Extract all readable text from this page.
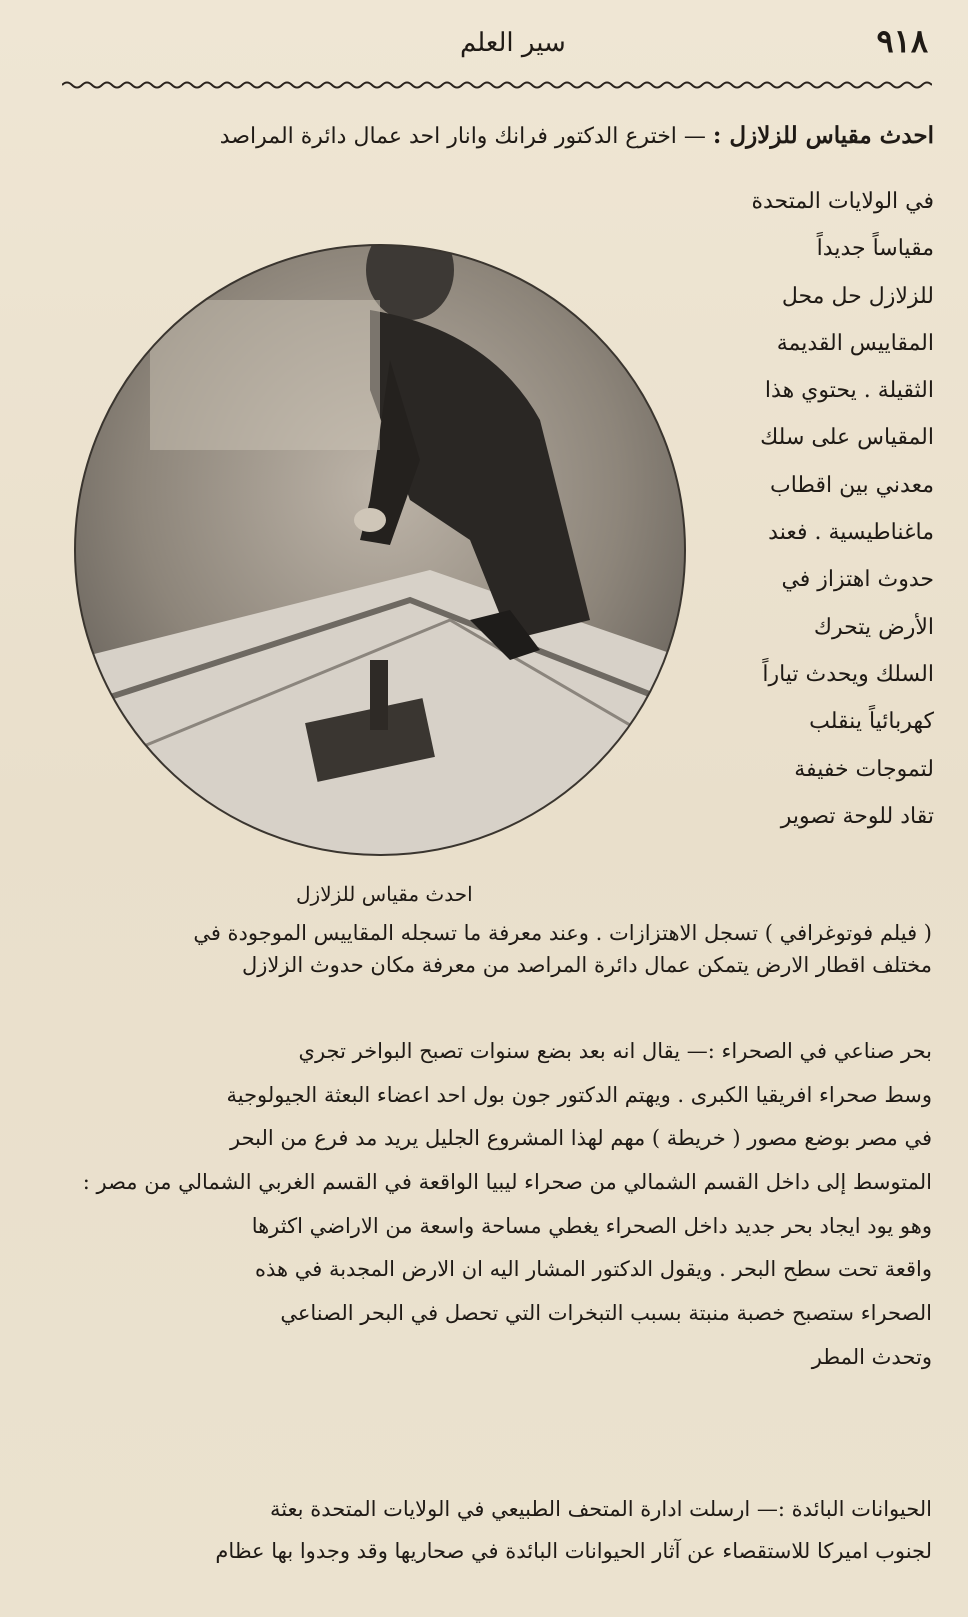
٩١٨
سير العلم
احدث مقياس للزلازل : — اخترع الدكتور فرانك وانار احد عمال دائرة المراصد
في الولايات المتحدة
مقياساً جديداً
للزلازل حل محل
المقاييس القديمة
الثقيلة . يحتوي هذا
المقياس على سلك
معدني بين اقطاب
ماغناطيسية . فعند
حدوث اهتزاز في
الأرض يتحرك
السلك ويحدث تياراً
كهربائياً ينقلب
لتموجات خفيفة
تقاد للوحة تصوير
احدث مقياس للزلازل
( فيلم فوتوغرافي ) تسجل الاهتزازات . وعند معرفة ما تسجله المقاييس الموجودة في
مختلف اقطار الارض يتمكن عمال دائرة المراصد من معرفة مكان حدوث الزلازل
بحر صناعي في الصحراء :— يقال انه بعد بضع سنوات تصبح البواخر تجري
وسط صحراء افريقيا الكبرى . ويهتم الدكتور جون بول احد اعضاء البعثة الجيولوجية
في مصر بوضع مصور ( خريطة ) مهم لهذا المشروع الجليل يريد مد فرع من البحر
المتوسط إلى داخل القسم الشمالي من صحراء ليبيا الواقعة في القسم الغربي الشمالي من مصر :
وهو يود ايجاد بحر جديد داخل الصحراء يغطي مساحة واسعة من الاراضي اكثرها
واقعة تحت سطح البحر . ويقول الدكتور المشار اليه ان الارض المجدبة في هذه
الصحراء ستصبح خصبة منبتة بسبب التبخرات التي تحصل في البحر الصناعي
وتحدث المطر
الحيوانات البائدة :— ارسلت ادارة المتحف الطبيعي في الولايات المتحدة بعثة
لجنوب اميركا للاستقصاء عن آثار الحيوانات البائدة في صحاريها وقد وجدوا بها عظام
